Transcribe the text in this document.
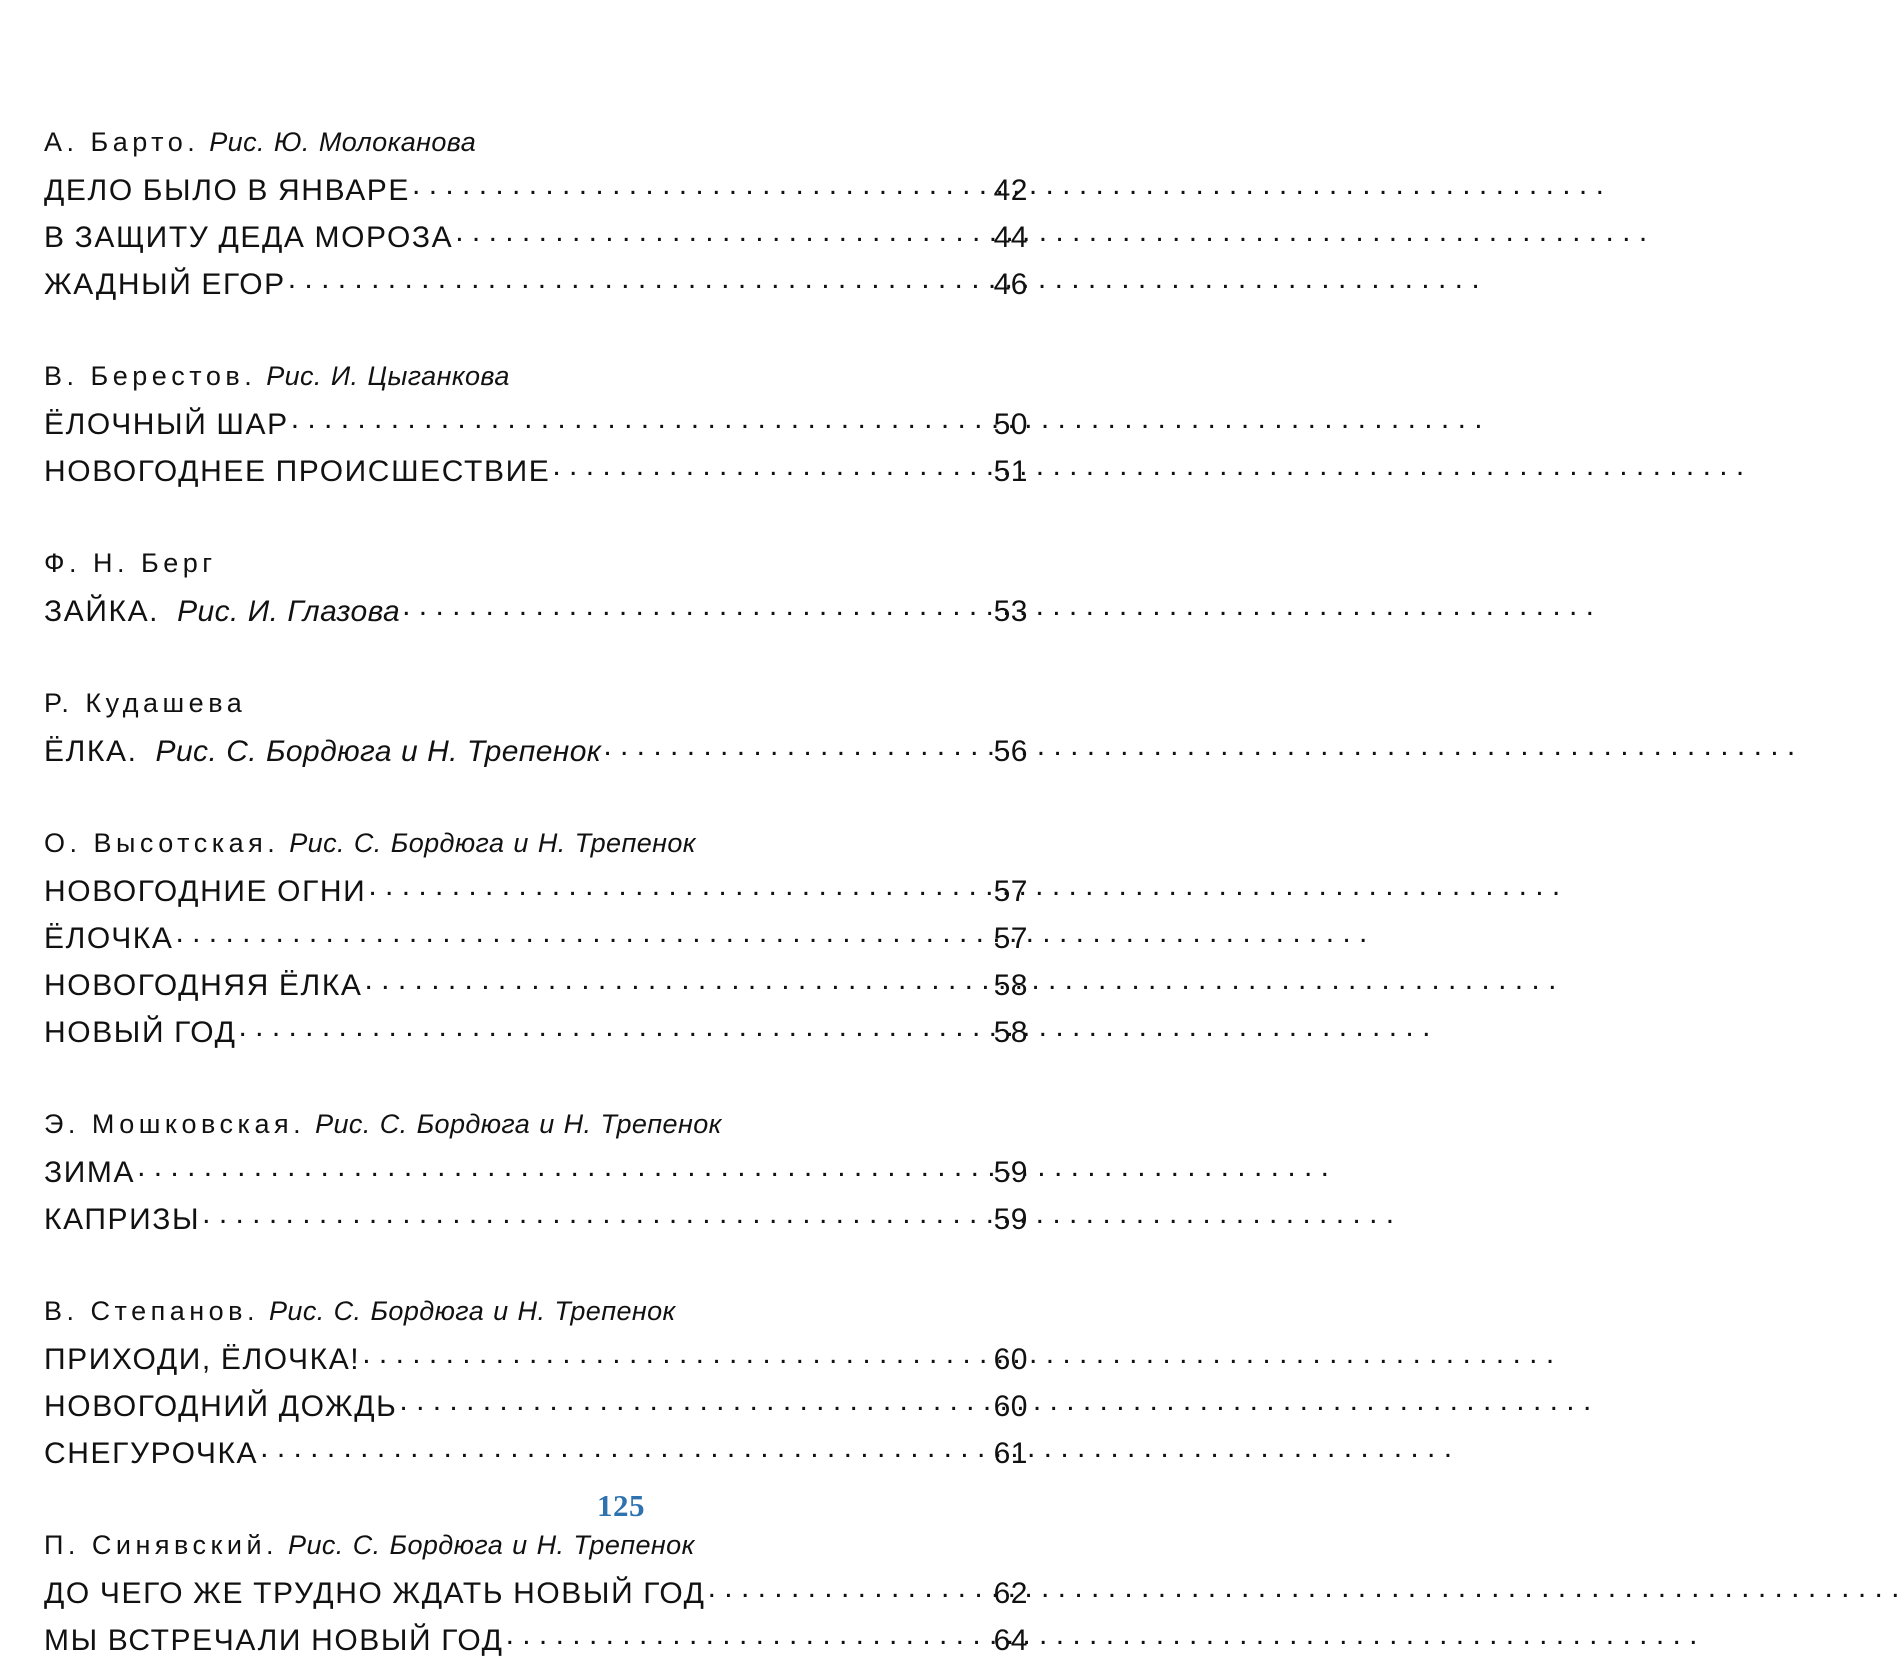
А. Барто. Рис. Ю. Молоканова
ДЕЛО БЫЛО В ЯНВАРЕ . . .	42
В ЗАЩИТУ ДЕДА МОРОЗА . . .	44
ЖАДНЫЙ ЕГОР . . .	46
В. Берестов. Рис. И. Цыганкова
ЁЛОЧНЫЙ ШАР . . .	50
НОВОГОДНЕЕ ПРОИСШЕСТВИЕ . . .	51
Ф. Н. Берг
ЗАЙКА. Рис. И. Глазова . . .	53
Р. Кудашева
ЁЛКА. Рис. С. Бордюга и Н. Трепенок . . .	56
О. Высотская. Рис. С. Бордюга и Н. Трепенок
НОВОГОДНИЕ ОГНИ . . .	57
ЁЛОЧКА . . .	57
НОВОГОДНЯЯ ЁЛКА . . .	58
НОВЫЙ ГОД . . .	58
Э. Мошковская. Рис. С. Бордюга и Н. Трепенок
ЗИМА . . .	59
КАПРИЗЫ . . .	59
В. Степанов. Рис. С. Бордюга и Н. Трепенок
ПРИХОДИ, ЁЛОЧКА! . . .	60
НОВОГОДНИЙ ДОЖДЬ . . .	60
СНЕГУРОЧКА . . .	61
П. Синявский. Рис. С. Бордюга и Н. Трепенок
ДО ЧЕГО ЖЕ ТРУДНО ЖДАТЬ НОВЫЙ ГОД . . .	62
МЫ ВСТРЕЧАЛИ НОВЫЙ ГОД . . .	64
125
